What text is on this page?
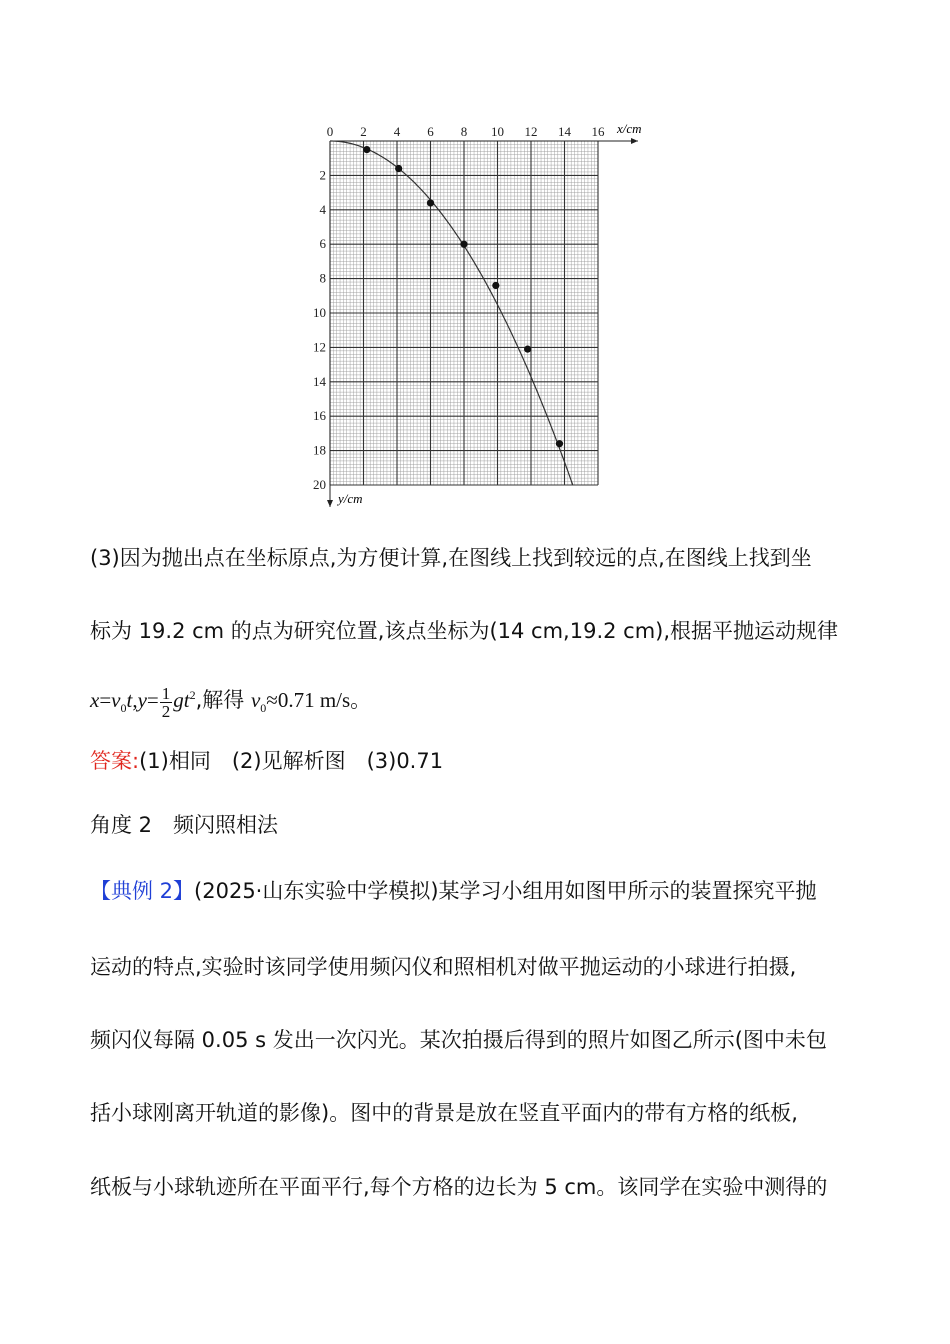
0 2 4 6 8 10 12 14 16
2
4
6
8
10
12
14
16
18
20
x/cm
y/cm
(3)因为抛出点在坐标原点,为方便计算,在图线上找到较远的点,在图线上找到坐
标为 19.2 cm 的点为研究位置,该点坐标为(14 cm,19.2 cm),根据平抛运动规律
$x=v_0t,y= \frac{1}{2} gt^2$,解得 $v_0\approx 0.71$ m/s。
答案:(1)相同　(2)见解析图　(3)0.71
角度 2　频闪照相法
【典例 2】(2025·山东实验中学模拟)某学习小组用如图甲所示的装置探究平抛
运动的特点,实验时该同学使用频闪仪和照相机对做平抛运动的小球进行拍摄,
频闪仪每隔 0.05 s 发出一次闪光。某次拍摄后得到的照片如图乙所示(图中未包
括小球刚离开轨道的影像)。图中的背景是放在竖直平面内的带有方格的纸板,
纸板与小球轨迹所在平面平行,每个方格的边长为 5 cm。该同学在实验中测得的
